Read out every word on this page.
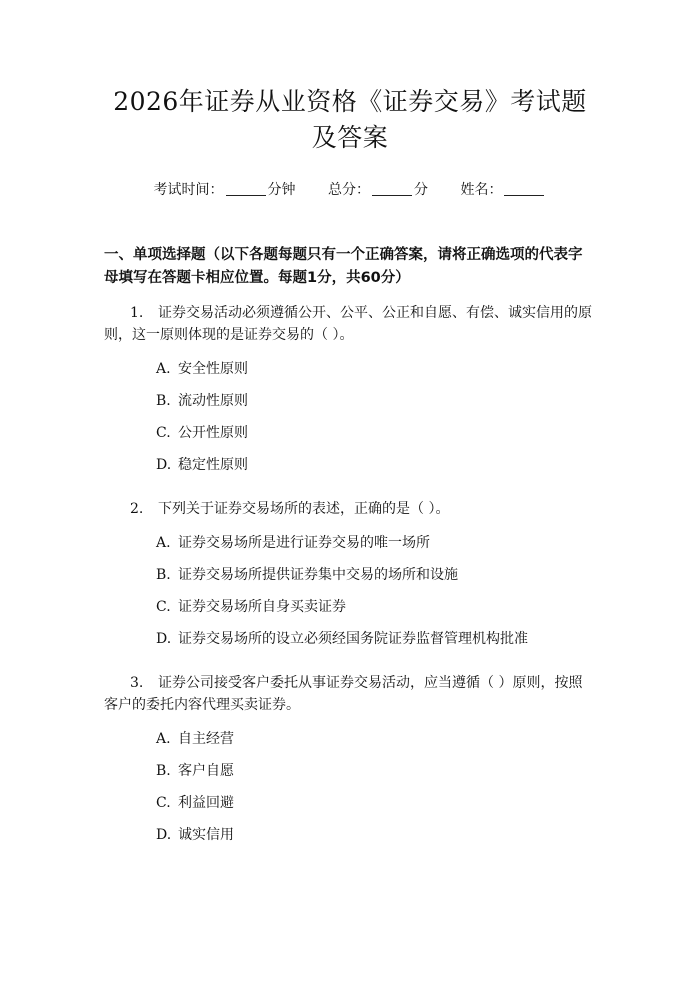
2026年证券从业资格《证券交易》考试题及答案
考试时间：	分钟 总分：	分 姓名：
一、单项选择题（以下各题每题只有一个正确答案，请将正确选项的代表字母填写在答题卡相应位置。每题1分，共60分）
1. 证券交易活动必须遵循公开、公平、公正和自愿、有偿、诚实信用的原则，这一原则体现的是证券交易的（ ）。
A. 安全性原则
B. 流动性原则
C. 公开性原则
D. 稳定性原则
2. 下列关于证券交易场所的表述，正确的是（ ）。
A. 证券交易场所是进行证券交易的唯一场所
B. 证券交易场所提供证券集中交易的场所和设施
C. 证券交易场所自身买卖证券
D. 证券交易场所的设立必须经国务院证券监督管理机构批准
3. 证券公司接受客户委托从事证券交易活动，应当遵循（ ）原则，按照客户的委托内容代理买卖证券。
A. 自主经营
B. 客户自愿
C. 利益回避
D. 诚实信用
